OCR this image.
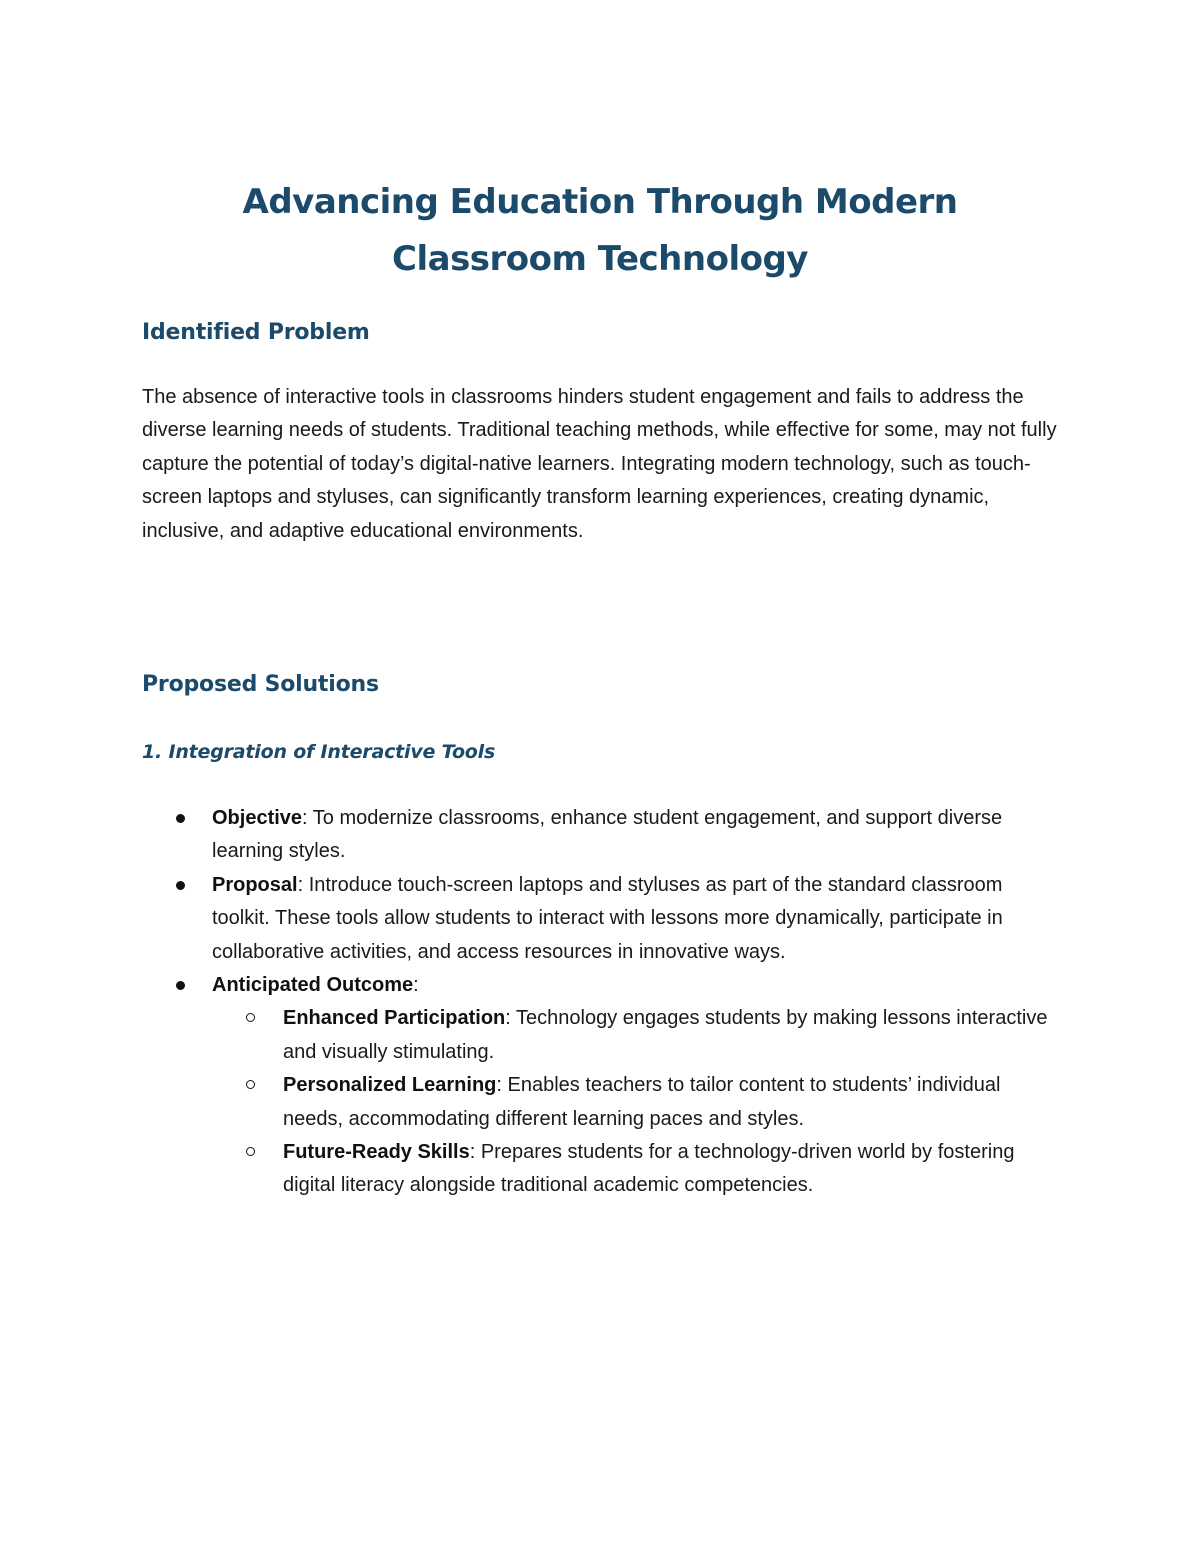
Advancing Education Through Modern Classroom Technology
Identified Problem

The absence of interactive tools in classrooms hinders student engagement and fails to address the diverse learning needs of students. Traditional teaching methods, while effective for some, may not fully capture the potential of today’s digital-native learners. Integrating modern technology, such as touch-screen laptops and styluses, can significantly transform learning experiences, creating dynamic, inclusive, and adaptive educational environments.

Proposed Solutions
1. Integration of Interactive Tools
Objective: To modernize classrooms, enhance student engagement, and support diverse learning styles.
Proposal: Introduce touch-screen laptops and styluses as part of the standard classroom toolkit. These tools allow students to interact with lessons more dynamically, participate in collaborative activities, and access resources in innovative ways.
Anticipated Outcome:
Enhanced Participation: Technology engages students by making lessons interactive and visually stimulating.
Personalized Learning: Enables teachers to tailor content to students’ individual needs, accommodating different learning paces and styles.
Future-Ready Skills: Prepares students for a technology-driven world by fostering digital literacy alongside traditional academic competencies.
